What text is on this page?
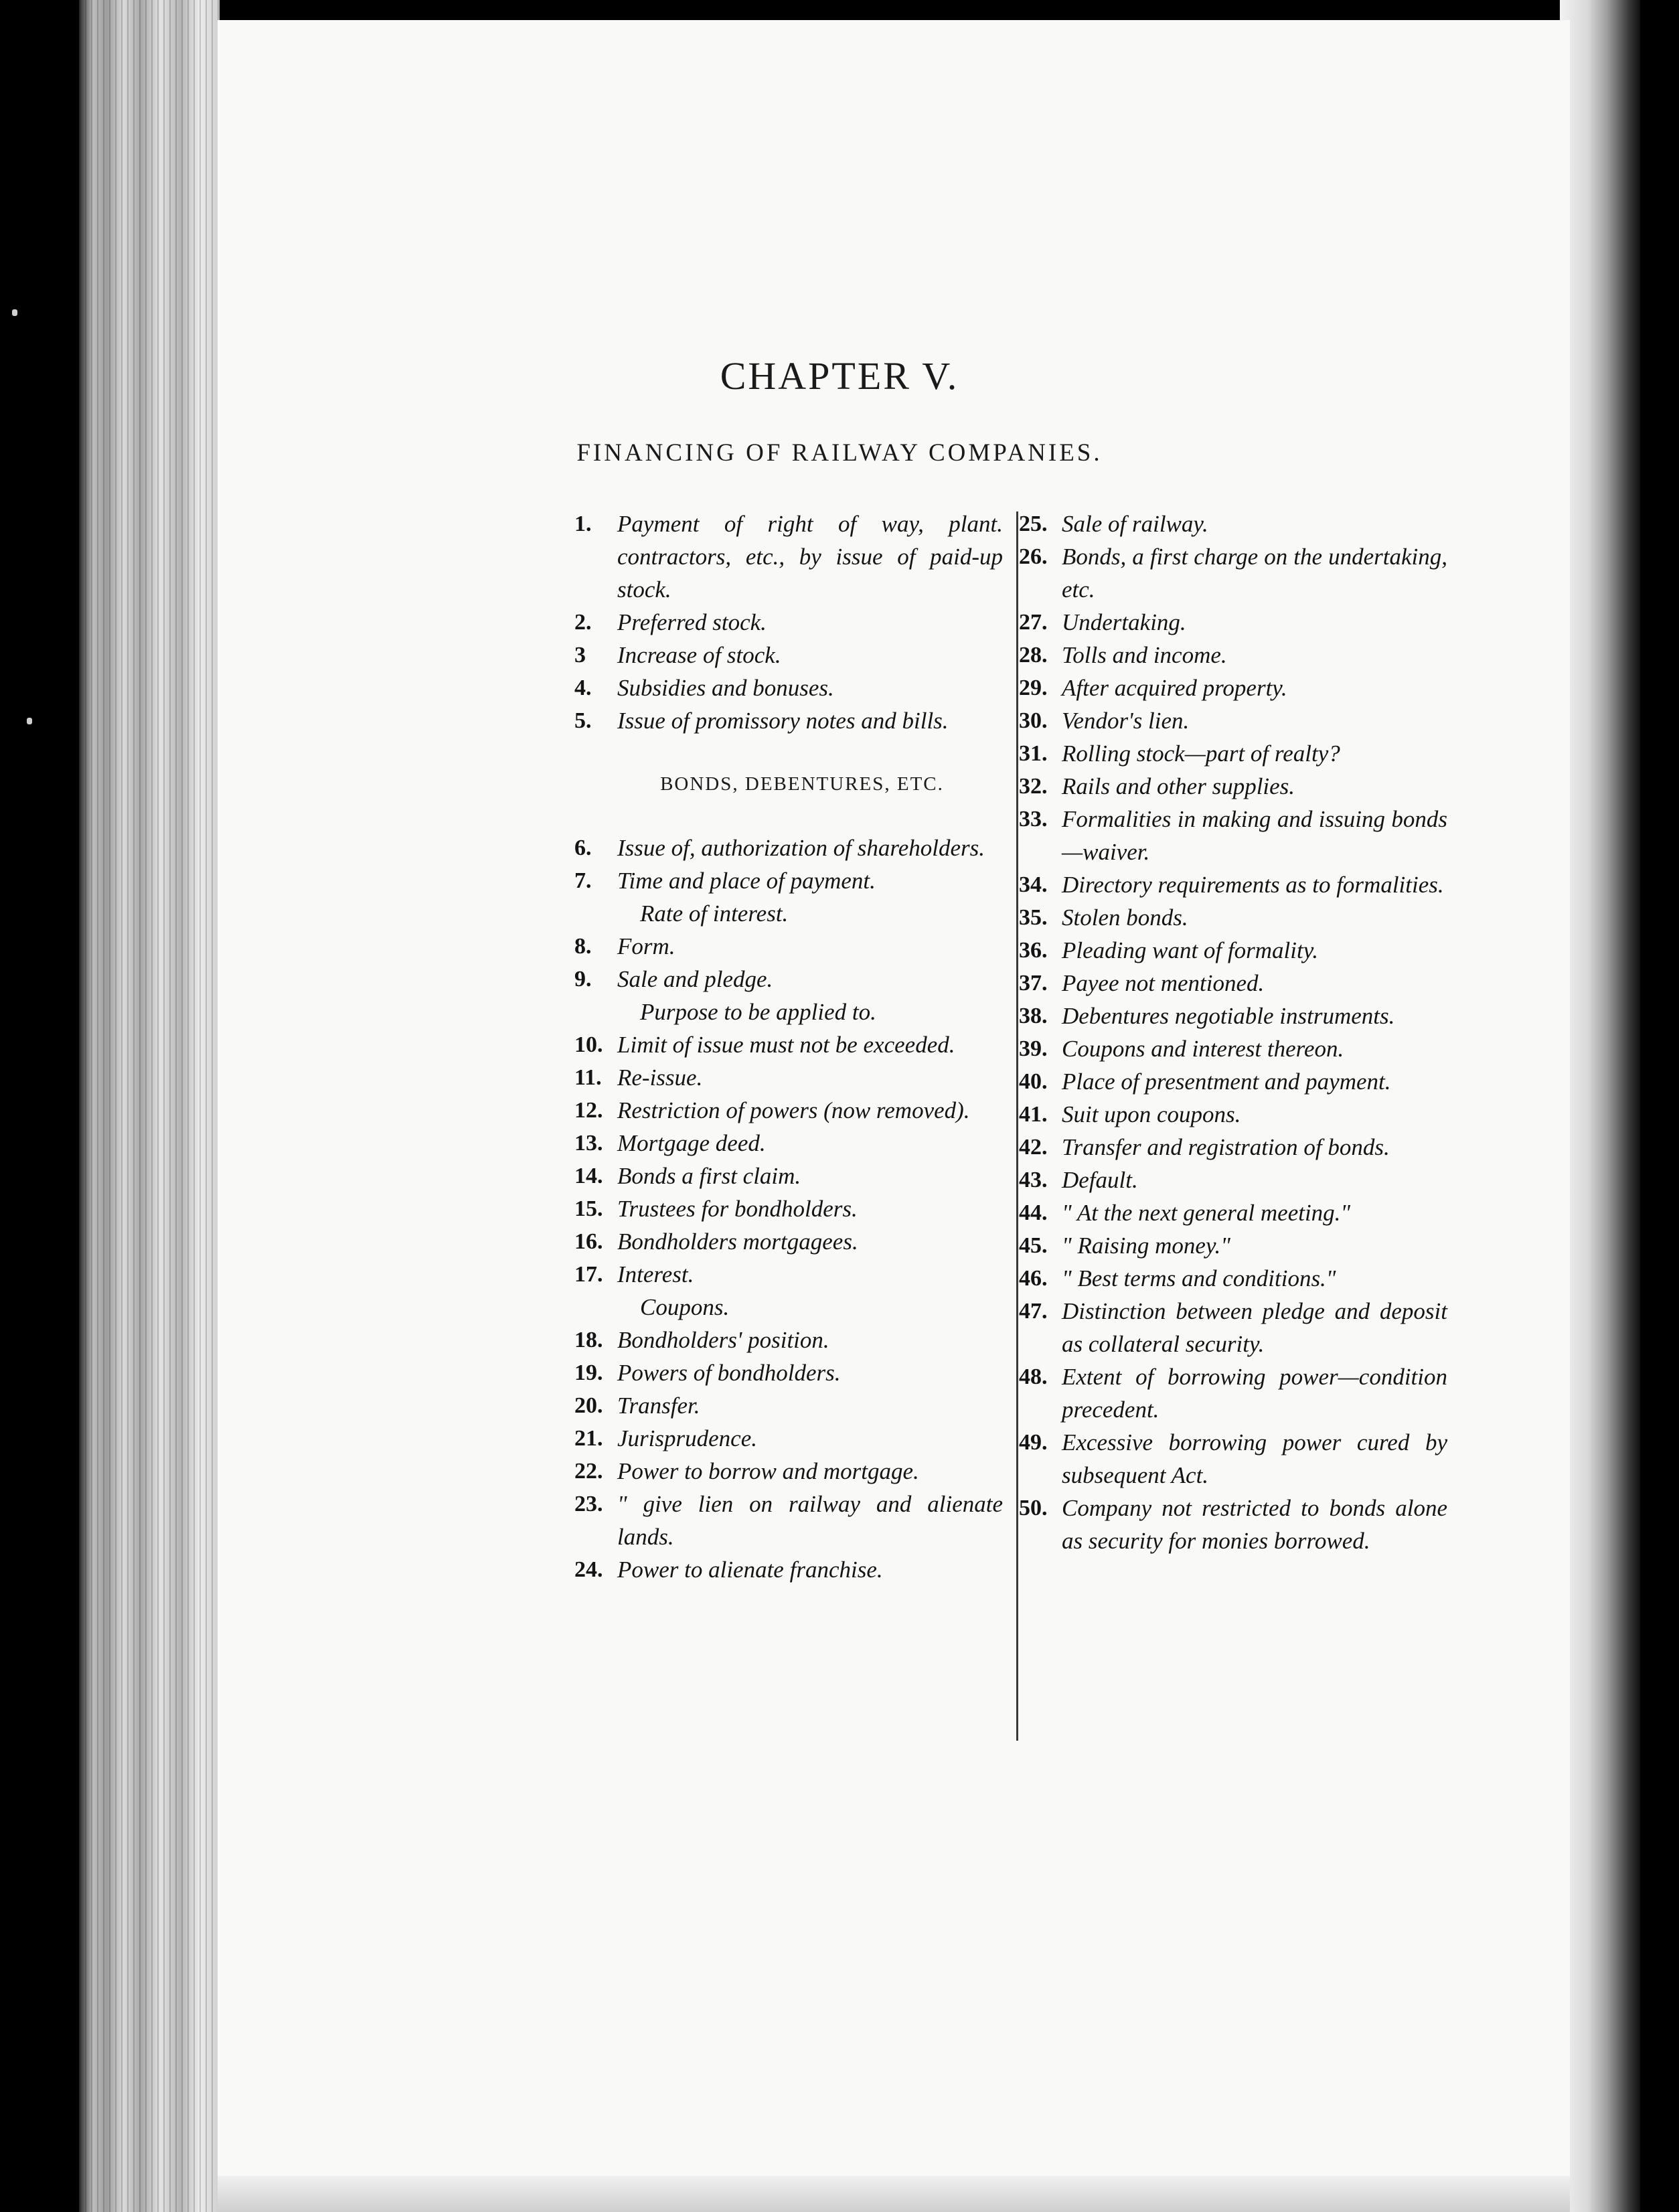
CHAPTER V.
FINANCING OF RAILWAY COMPANIES.

1. Payment of right of way, plant. contractors, etc., by issue of paid-up stock.

2. Preferred stock.

3 Increase of stock.

4. Subsidies and bonuses.

5. Issue of promissory notes and bills.

BONDS, DEBENTURES, ETC.

6. Issue of, authorization of shareholders.

7. Time and place of payment.

Rate of interest.

8. Form.

9. Sale and pledge.

Purpose to be applied to.

10. Limit of issue must not be exceeded.

11. Re-issue.

12. Restriction of powers (now removed).

13. Mortgage deed.

14. Bonds a first claim.

15. Trustees for bondholders.

16. Bondholders mortgagees.

17. Interest.

Coupons.

18. Bondholders' position.

19. Powers of bondholders.

20. Transfer.

21. Jurisprudence.

22. Power to borrow and mortgage.

23. " give lien on railway and alienate lands.

24. Power to alienate franchise.

25. Sale of railway.

26. Bonds, a first charge on the undertaking, etc.

27. Undertaking.

28. Tolls and income.

29. After acquired property.

30. Vendor's lien.

31. Rolling stock—part of realty?

32. Rails and other supplies.

33. Formalities in making and issuing bonds—waiver.

34. Directory requirements as to formalities.

35. Stolen bonds.

36. Pleading want of formality.

37. Payee not mentioned.

38. Debentures negotiable instruments.

39. Coupons and interest thereon.

40. Place of presentment and payment.

41. Suit upon coupons.

42. Transfer and registration of bonds.

43. Default.

44. " At the next general meeting."

45. " Raising money."

46. " Best terms and conditions."

47. Distinction between pledge and deposit as collateral security.

48. Extent of borrowing power—condition precedent.

49. Excessive borrowing power cured by subsequent Act.

50. Company not restricted to bonds alone as security for monies borrowed.
